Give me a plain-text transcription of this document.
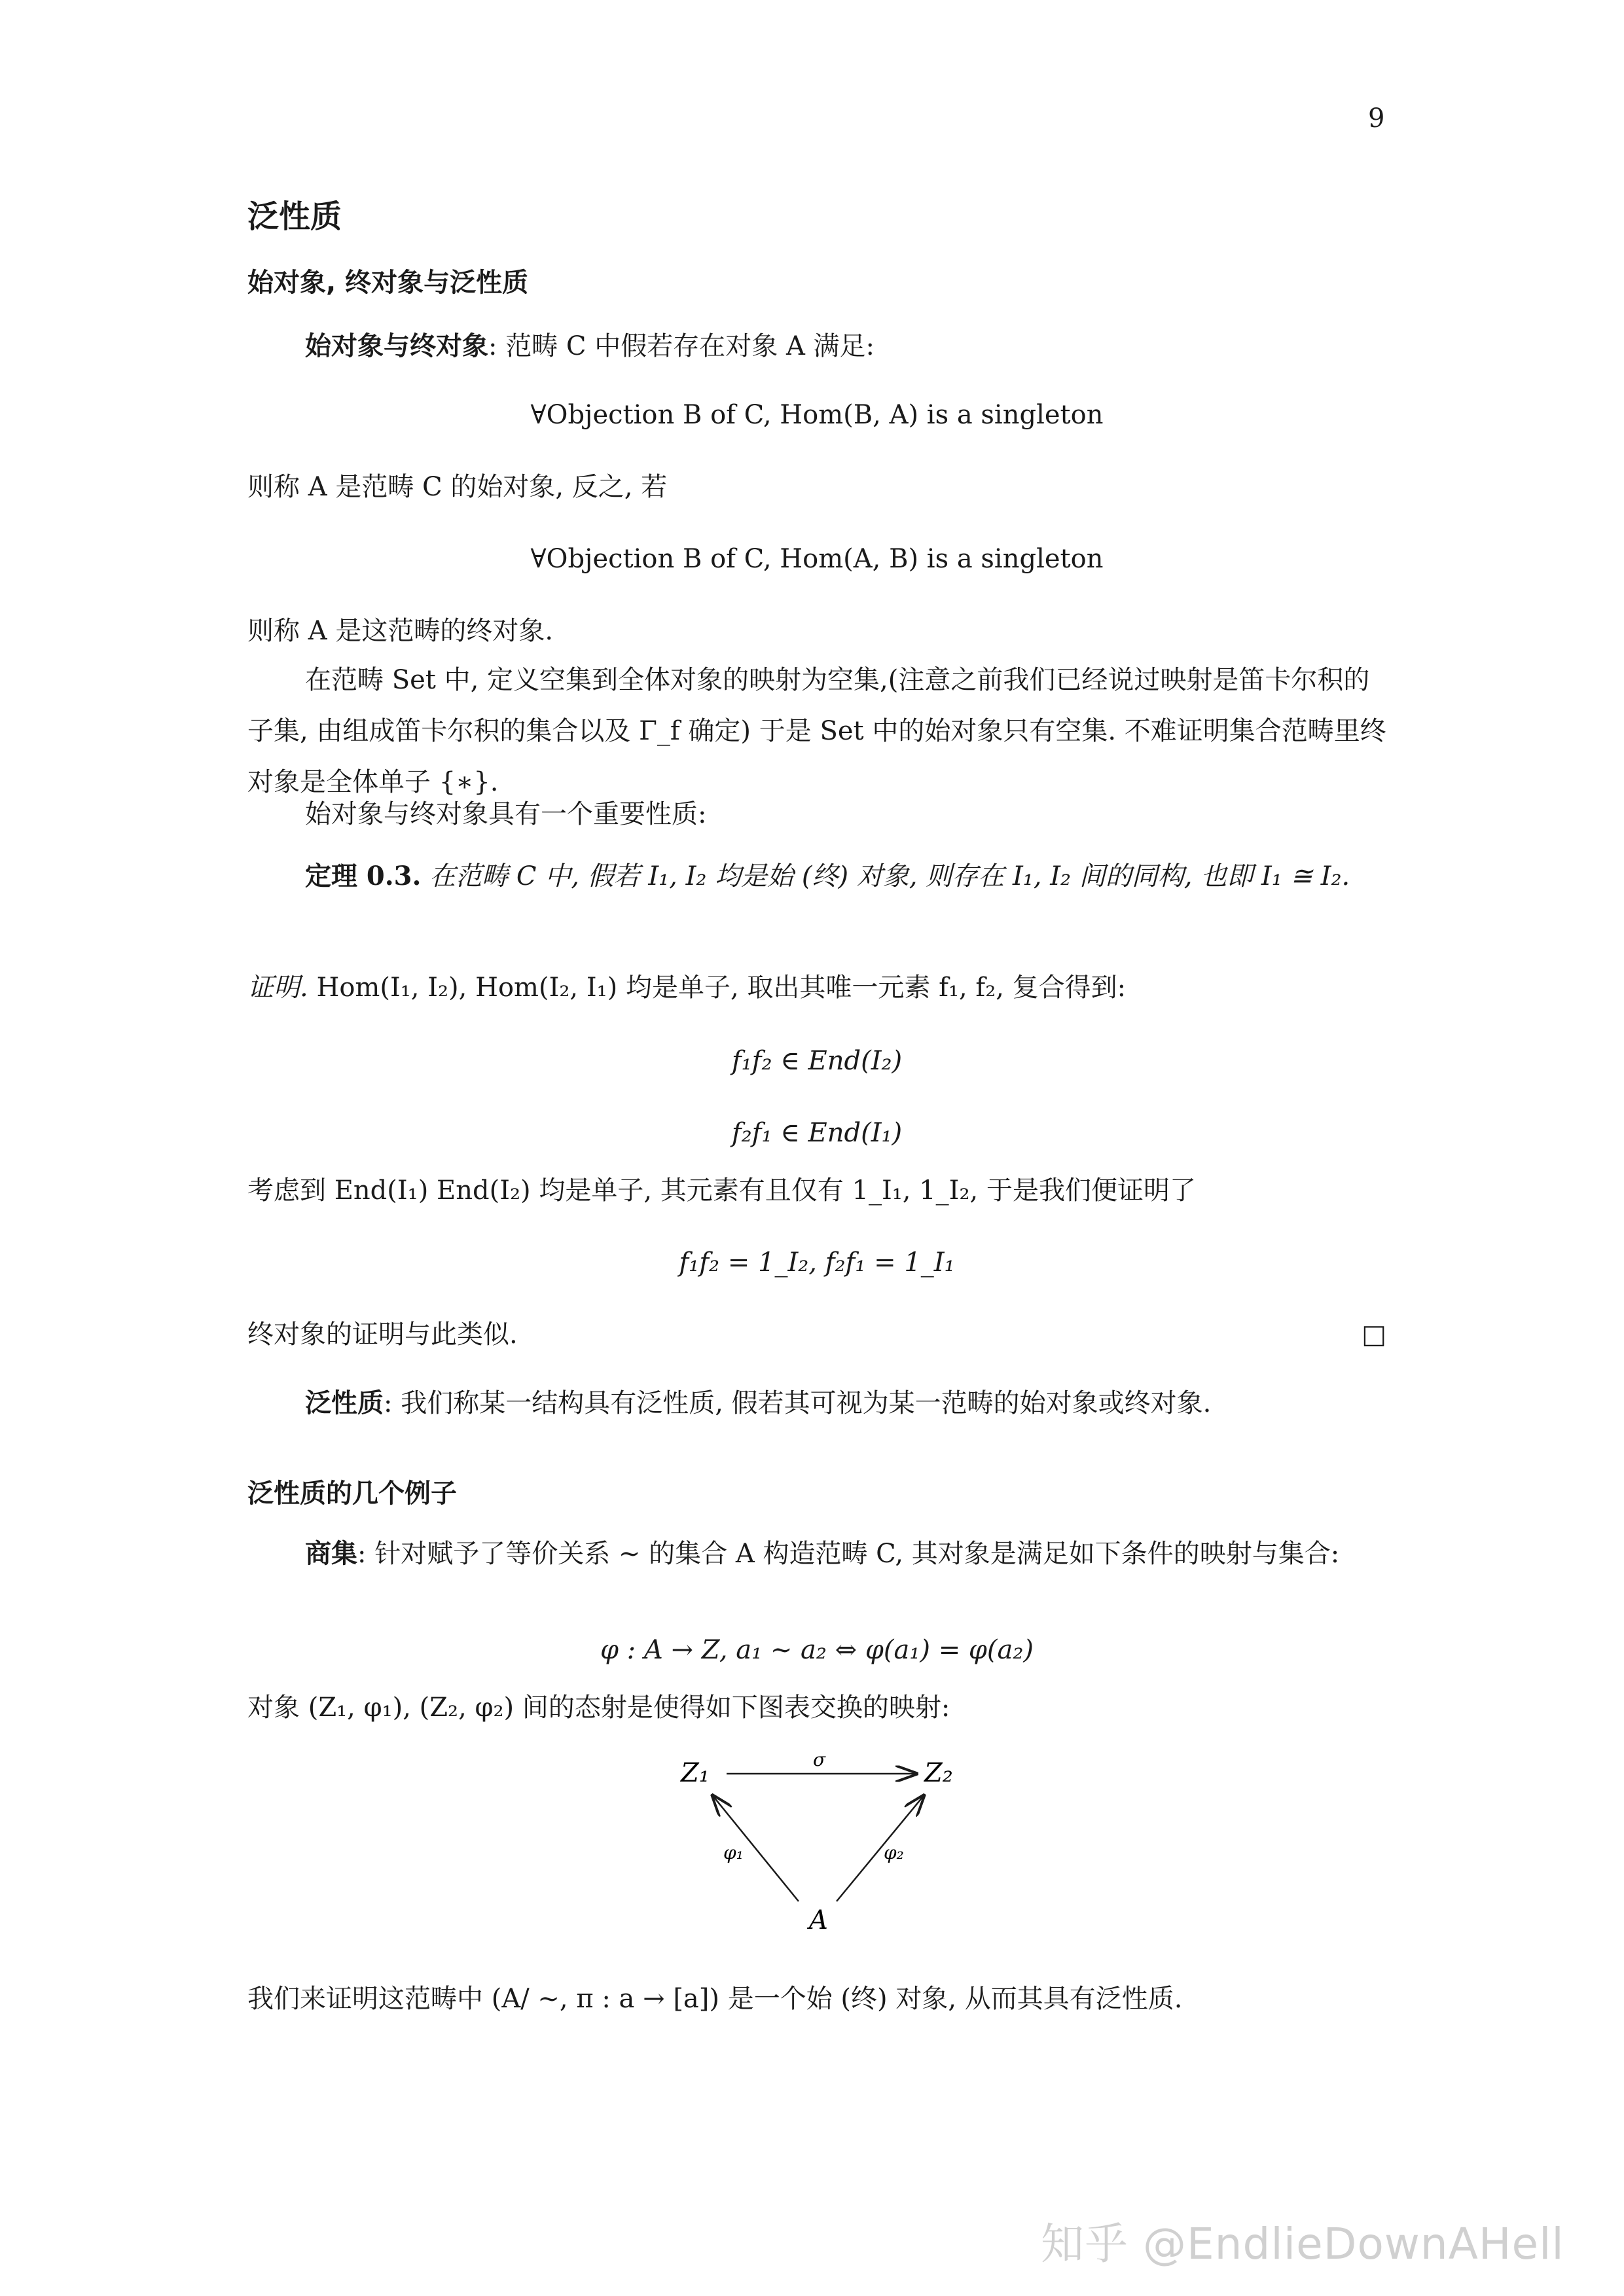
9
泛性质
始对象, 终对象与泛性质
始对象与终对象: 范畴 C 中假若存在对象 A 满足:
∀Objection B of C, Hom(B, A) is a singleton
则称 A 是范畴 C 的始对象, 反之, 若
∀Objection B of C, Hom(A, B) is a singleton
则称 A 是这范畴的终对象.
在范畴 Set 中, 定义空集到全体对象的映射为空集,(注意之前我们已经说过映射是笛卡尔积的子集, 由组成笛卡尔积的集合以及 Γ_f 确定) 于是 Set 中的始对象只有空集. 不难证明集合范畴里终对象是全体单子 {∗}.
始对象与终对象具有一个重要性质:
定理 0.3. 在范畴 C 中, 假若 I₁, I₂ 均是始 (终) 对象, 则存在 I₁, I₂ 间的同构, 也即 I₁ ≅ I₂.
证明. Hom(I₁, I₂), Hom(I₂, I₁) 均是单子, 取出其唯一元素 f₁, f₂, 复合得到:
f₁f₂ ∈ End(I₂)
f₂f₁ ∈ End(I₁)
考虑到 End(I₁) End(I₂) 均是单子, 其元素有且仅有 1_I₁, 1_I₂, 于是我们便证明了
f₁f₂ = 1_I₂, f₂f₁ = 1_I₁
终对象的证明与此类似.	□
泛性质: 我们称某一结构具有泛性质, 假若其可视为某一范畴的始对象或终对象.
泛性质的几个例子
商集: 针对赋予了等价关系 ∼ 的集合 A 构造范畴 C, 其对象是满足如下条件的映射与集合:
φ : A → Z, a₁ ∼ a₂ ⇔ φ(a₁) = φ(a₂)
对象 (Z₁, φ₁), (Z₂, φ₂) 间的态射是使得如下图表交换的映射:
Z₁	Z₂
A
σ
φ₁	φ₂
我们来证明这范畴中 (A/ ∼, π : a → [a]) 是一个始 (终) 对象, 从而其具有泛性质.
知乎 @EndlieDownAHell
